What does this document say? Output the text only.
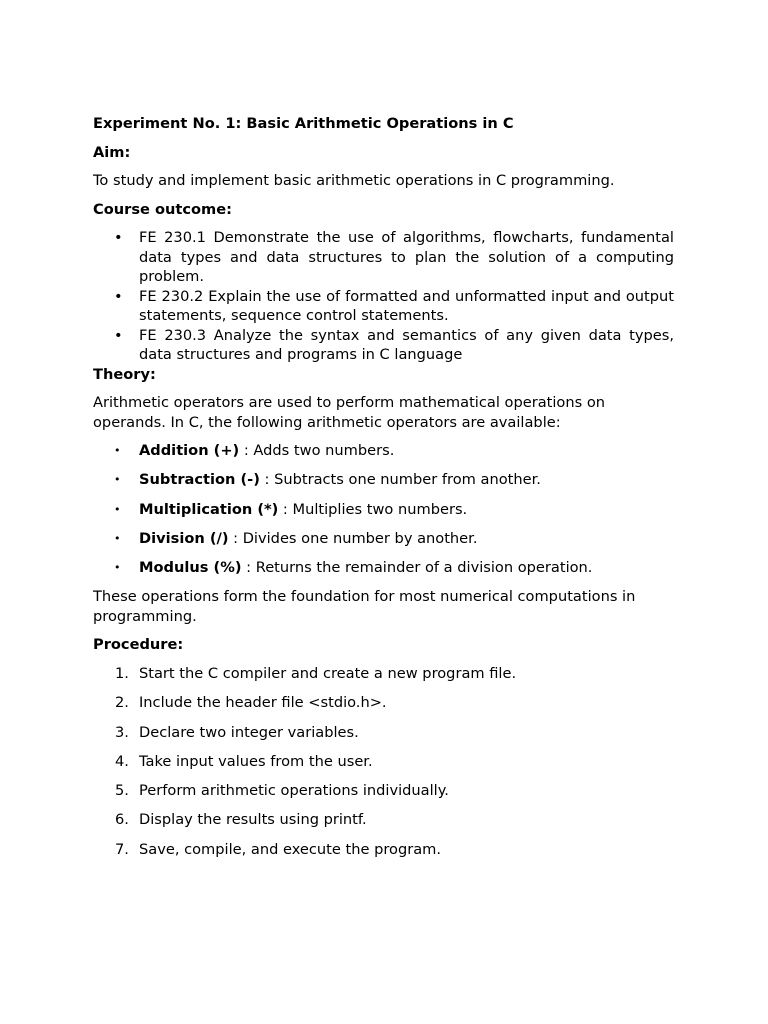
Experiment No. 1: Basic Arithmetic Operations in C
Aim:
To study and implement basic arithmetic operations in C programming.
Course outcome:
• FE 230.1 Demonstrate the use of algorithms, flowcharts, fundamental data types and data structures to plan the solution of a computing problem.
• FE 230.2 Explain the use of formatted and unformatted input and output statements, sequence control statements.
• FE 230.3 Analyze the syntax and semantics of any given data types, data structures and programs in C language
Theory:
Arithmetic operators are used to perform mathematical operations on operands. In C, the following arithmetic operators are available:
• Addition (+) : Adds two numbers.
• Subtraction (-) : Subtracts one number from another.
• Multiplication (*) : Multiplies two numbers.
• Division (/) : Divides one number by another.
• Modulus (%) : Returns the remainder of a division operation.
These operations form the foundation for most numerical computations in programming.
Procedure:
1. Start the C compiler and create a new program file.
2. Include the header file <stdio.h>.
3. Declare two integer variables.
4. Take input values from the user.
5. Perform arithmetic operations individually.
6. Display the results using printf.
7. Save, compile, and execute the program.
